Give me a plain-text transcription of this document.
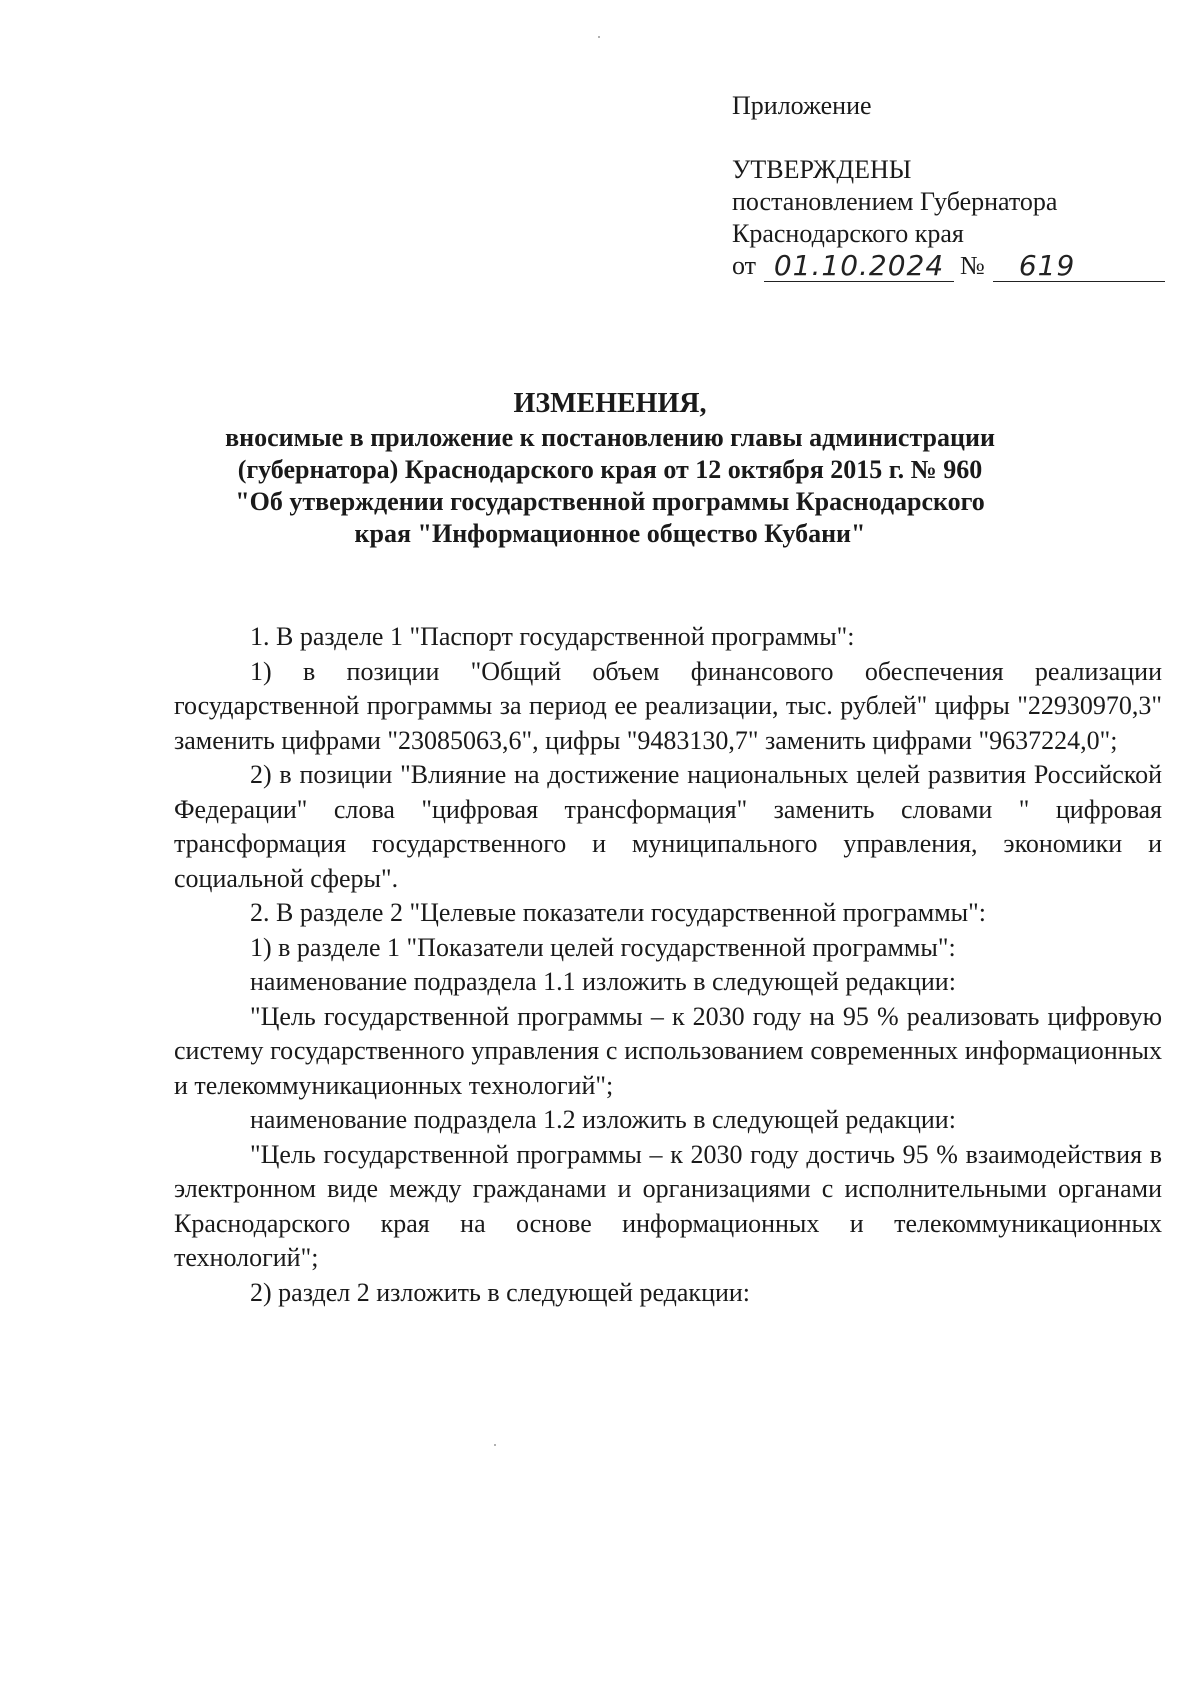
Приложение
УТВЕРЖДЕНЫ
постановлением Губернатора
Краснодарского края
от 01.10.2024 №	619
ИЗМЕНЕНИЯ,
вносимые в приложение к постановлению главы администрации
(губернатора) Краснодарского края от 12 октября 2015 г. № 960
"Об утверждении государственной программы Краснодарского
края "Информационное общество Кубани"

1. В разделе 1 "Паспорт государственной программы":

1) в позиции "Общий объем финансового обеспечения реализации государственной программы за период ее реализации, тыс. рублей" цифры "22930970,3" заменить цифрами "23085063,6", цифры "9483130,7" заменить цифрами "9637224,0";

2) в позиции "Влияние на достижение национальных целей развития Российской Федерации" слова "цифровая трансформация" заменить словами " цифровая трансформация государственного и муниципального управления, экономики и социальной сферы".

2. В разделе 2 "Целевые показатели государственной программы":

1) в разделе 1 "Показатели целей государственной программы":

наименование подраздела 1.1 изложить в следующей редакции:

"Цель государственной программы – к 2030 году на 95 % реализовать цифровую систему государственного управления с использованием современных информационных и телекоммуникационных технологий";

наименование подраздела 1.2 изложить в следующей редакции:

"Цель государственной программы – к 2030 году достичь 95 % взаимодействия в электронном виде между гражданами и организациями с исполнительными органами Краснодарского края на основе информационных и телекоммуникационных технологий";

2) раздел 2 изложить в следующей редакции:
